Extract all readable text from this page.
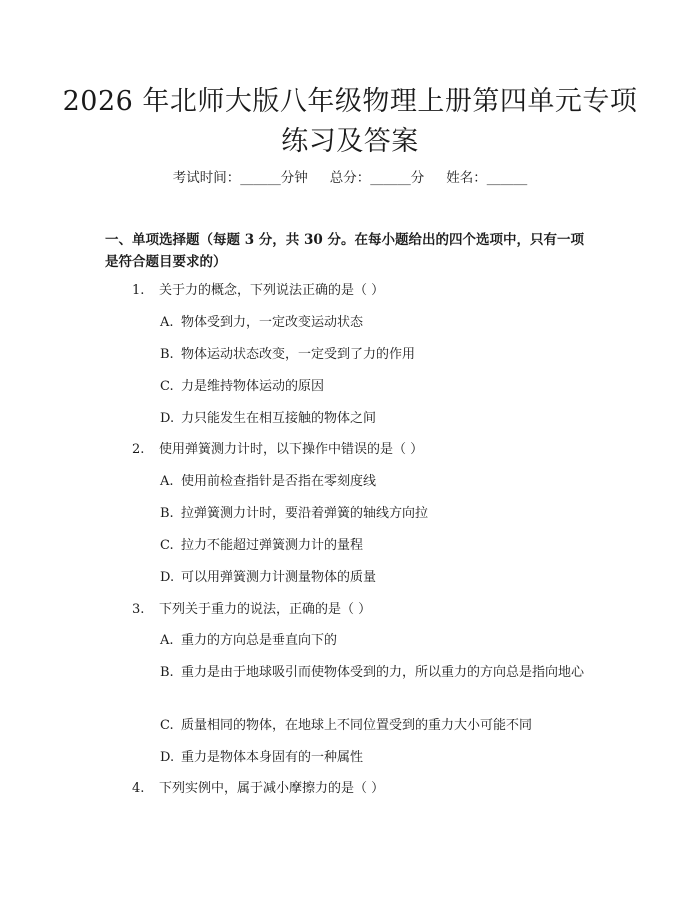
2026 年北师大版八年级物理上册第四单元专项练习及答案
考试时间：______分钟 总分：______分 姓名：______
一、单项选择题（每题 3 分，共 30 分。在每小题给出的四个选项中，只有一项是符合题目要求的）
1. 关于力的概念，下列说法正确的是（ ）
A. 物体受到力，一定改变运动状态
B. 物体运动状态改变，一定受到了力的作用
C. 力是维持物体运动的原因
D. 力只能发生在相互接触的物体之间
2. 使用弹簧测力计时，以下操作中错误的是（ ）
A. 使用前检查指针是否指在零刻度线
B. 拉弹簧测力计时，要沿着弹簧的轴线方向拉
C. 拉力不能超过弹簧测力计的量程
D. 可以用弹簧测力计测量物体的质量
3. 下列关于重力的说法，正确的是（ ）
A. 重力的方向总是垂直向下的
B. 重力是由于地球吸引而使物体受到的力，所以重力的方向总是指向地心
C. 质量相同的物体，在地球上不同位置受到的重力大小可能不同
D. 重力是物体本身固有的一种属性
4. 下列实例中，属于减小摩擦力的是（ ）
